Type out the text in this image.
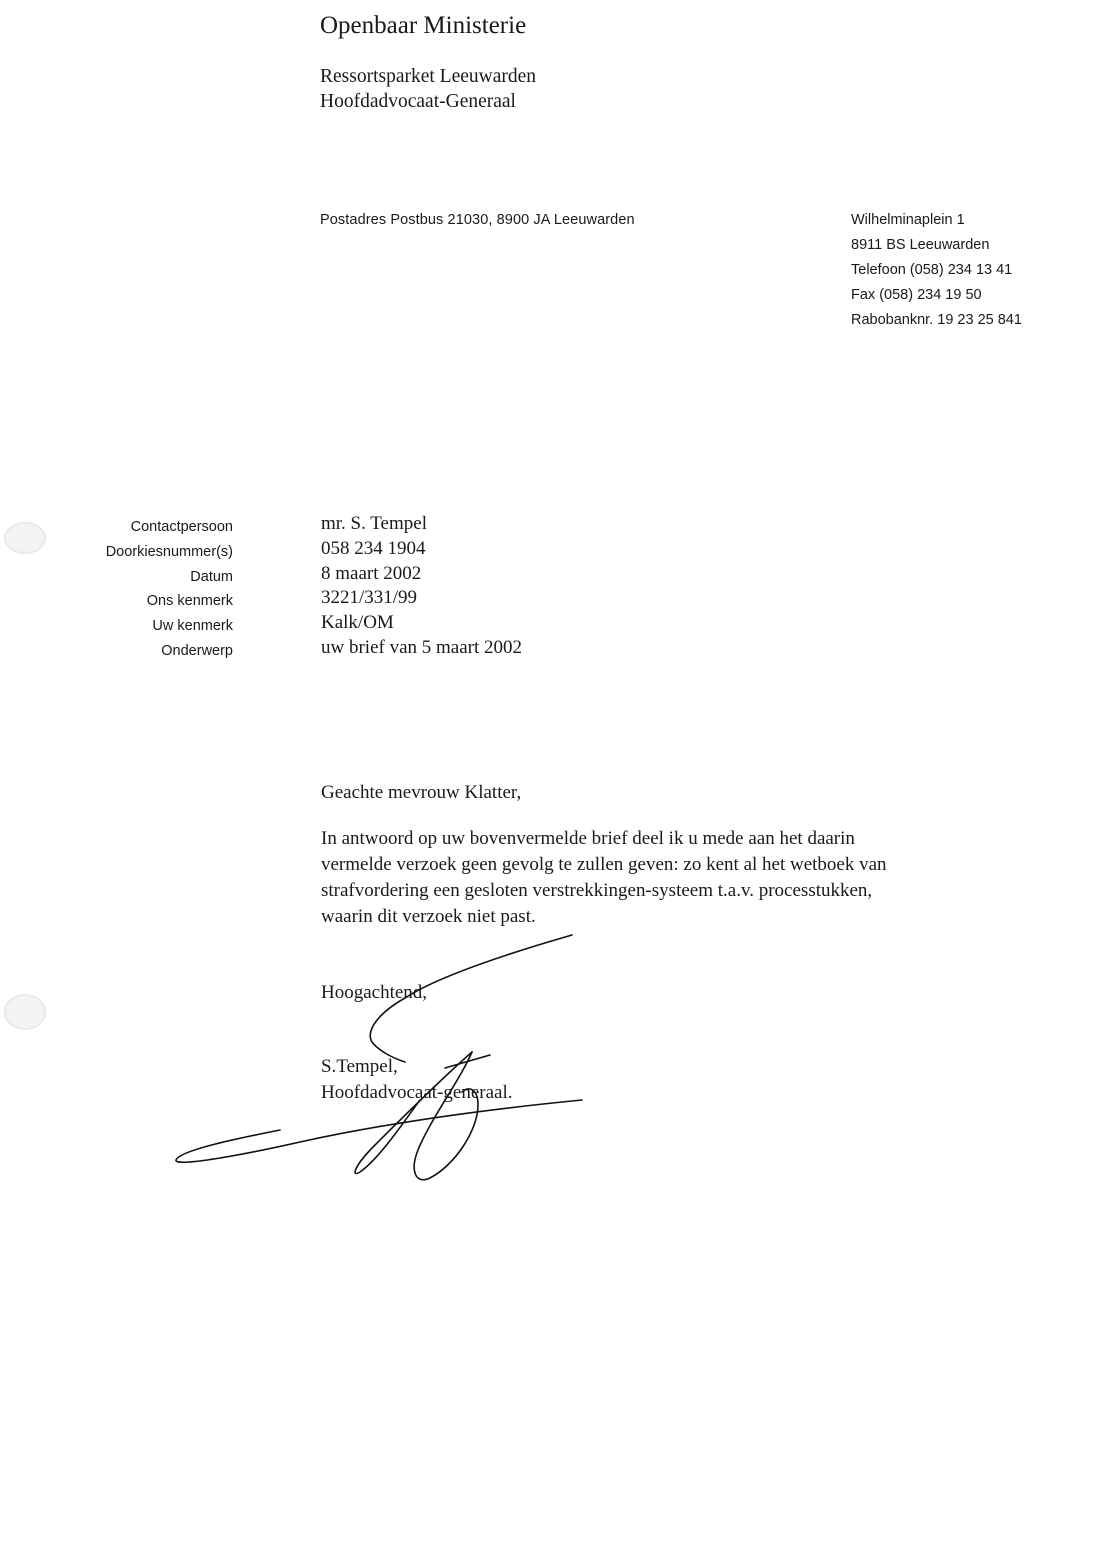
Openbaar Ministerie
Ressortsparket Leeuwarden
Hoofdadvocaat-Generaal
Postadres Postbus 21030, 8900 JA Leeuwarden	Wilhelminaplein 1
8911 BS Leeuwarden
Telefoon (058) 234 13 41
Fax (058) 234 19 50
Rabobanknr. 19 23 25 841
Contactpersoon
Doorkiesnummer(s)
Datum
Ons kenmerk
Uw kenmerk
Onderwerp
mr. S. Tempel
058 234 1904
8 maart 2002
3221/331/99
Kalk/OM
uw brief van 5 maart 2002
Geachte mevrouw Klatter,
In antwoord op uw bovenvermelde brief deel ik u mede aan het daarin
vermelde verzoek geen gevolg te zullen geven: zo kent al het wetboek van
strafvordering een gesloten verstrekkingen-systeem t.a.v. processtukken,
waarin dit verzoek niet past.
Hoogachtend,
S.Tempel,
Hoofdadvocaat-generaal.
